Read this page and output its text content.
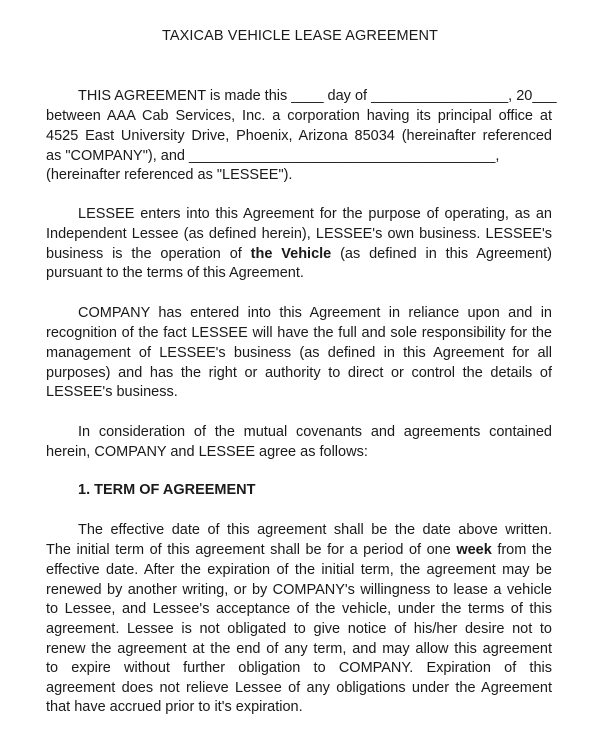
TAXICAB VEHICLE LEASE AGREEMENT
THIS AGREEMENT is made this ____ day of _________________, 20___
between AAA Cab Services, Inc. a corporation having its principal office at
4525 East University Drive, Phoenix, Arizona 85034 (hereinafter referenced
as "COMPANY"), and ______________________________________,
(hereinafter referenced as "LESSEE").
LESSEE enters into this Agreement for the purpose of operating, as an
Independent Lessee (as defined herein), LESSEE's own business. LESSEE's
business is the operation of the Vehicle (as defined in this Agreement)
pursuant to the terms of this Agreement.
COMPANY has entered into this Agreement in reliance upon and in
recognition of the fact LESSEE will have the full and sole responsibility for the
management of LESSEE's business (as defined in this Agreement for all
purposes) and has the right or authority to direct or control the details of
LESSEE's business.
In consideration of the mutual covenants and agreements contained
herein, COMPANY and LESSEE agree as follows:
1. TERM OF AGREEMENT
The effective date of this agreement shall be the date above written.
The initial term of this agreement shall be for a period of one week from the
effective date. After the expiration of the initial term, the agreement may be
renewed by another writing, or by COMPANY's willingness to lease a vehicle
to Lessee, and Lessee's acceptance of the vehicle, under the terms of this
agreement. Lessee is not obligated to give notice of his/her desire not to
renew the agreement at the end of any term, and may allow this agreement
to expire without further obligation to COMPANY. Expiration of this
agreement does not relieve Lessee of any obligations under the Agreement
that have accrued prior to it's expiration.
